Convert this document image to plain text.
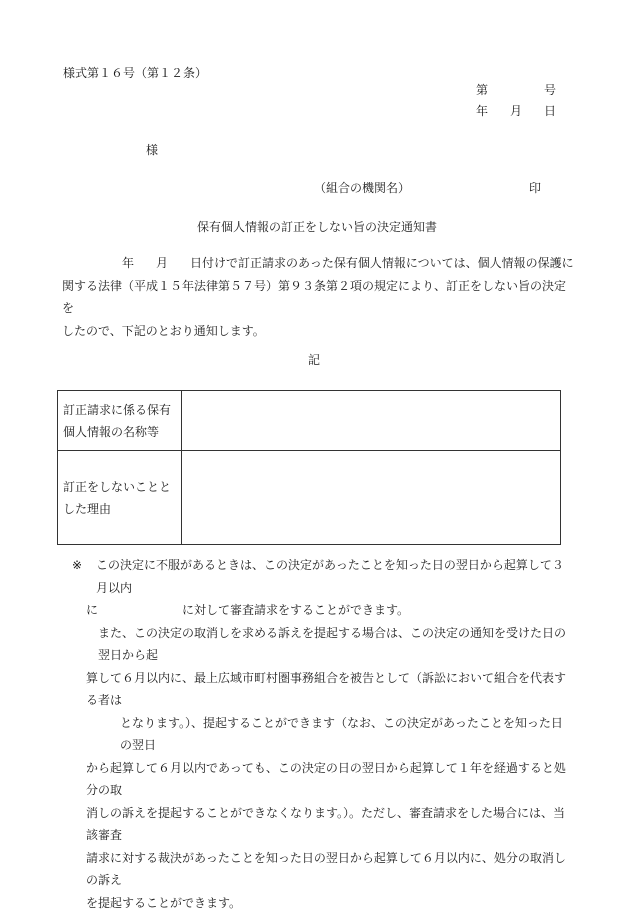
様式第１６号（第１２条）
第	号
年 月 日
様
（組合の機関名）	印
保有個人情報の訂正をしない旨の決定通知書

年 月 日付けで訂正請求のあった保有個人情報については、個人情報の保護に

関する法律（平成１５年法律第５７号）第９３条第２項の規定により、訂正をしない旨の決定を

したので、下記のとおり通知します。

記
訂正請求に係る保有
個人情報の名称等	

訂正をしないことと
した理由	

※	この決定に不服があるときは、この決定があったことを知った日の翌日から起算して３月以内

に	に対して審査請求をすることができます。

また、この決定の取消しを求める訴えを提起する場合は、この決定の通知を受けた日の翌日から起

算して６月以内に、最上広域市町村圏事務組合を被告として（訴訟において組合を代表する者は

となります。）、提起することができます（なお、この決定があったことを知った日の翌日

から起算して６月以内であっても、この決定の日の翌日から起算して１年を経過すると処分の取

消しの訴えを提起することができなくなります。）。ただし、審査請求をした場合には、当該審査

請求に対する裁決があったことを知った日の翌日から起算して６月以内に、処分の取消しの訴え

を提起することができます。
